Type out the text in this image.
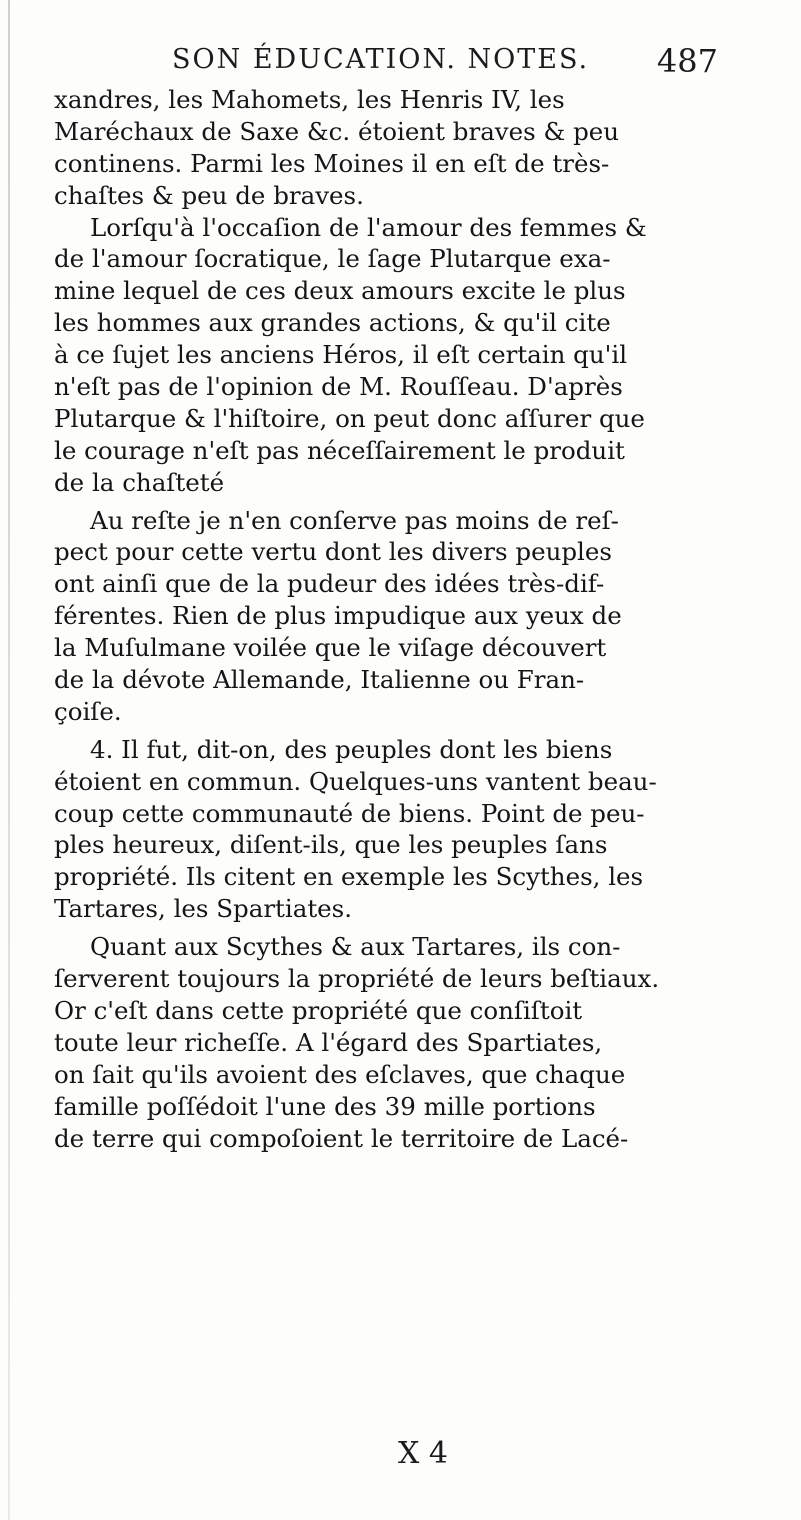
SON ÉDUCATION. NOTES. 487
xandres, les Mahomets, les Henris IV, les
Maréchaux de Saxe &c. étoient braves & peu
continens. Parmi les Moines il en eſt de très-
chaſtes & peu de braves.
Lorſqu'à l'occaſion de l'amour des femmes &
de l'amour ſocratique, le ſage Plutarque exa-
mine lequel de ces deux amours excite le plus
les hommes aux grandes actions, & qu'il cite
à ce ſujet les anciens Héros, il eſt certain qu'il
n'eſt pas de l'opinion de M. Rouſſeau. D'après
Plutarque & l'hiſtoire, on peut donc aſſurer que
le courage n'eſt pas néceſſairement le produit
de la chaſteté
Au reſte je n'en conſerve pas moins de reſ-
pect pour cette vertu dont les divers peuples
ont ainſi que de la pudeur des idées très-dif-
férentes. Rien de plus impudique aux yeux de
la Muſulmane voilée que le viſage découvert
de la dévote Allemande, Italienne ou Fran-
çoiſe.
4. Il fut, dit-on, des peuples dont les biens
étoient en commun. Quelques-uns vantent beau-
coup cette communauté de biens. Point de peu-
ples heureux, diſent-ils, que les peuples ſans
propriété. Ils citent en exemple les Scythes, les
Tartares, les Spartiates.
Quant aux Scythes & aux Tartares, ils con-
ſerverent toujours la propriété de leurs beſtiaux.
Or c'eſt dans cette propriété que conſiſtoit
toute leur richeſſe. A l'égard des Spartiates,
on ſait qu'ils avoient des eſclaves, que chaque
famille poſſédoit l'une des 39 mille portions
de terre qui compoſoient le territoire de Lacé-
X 4
